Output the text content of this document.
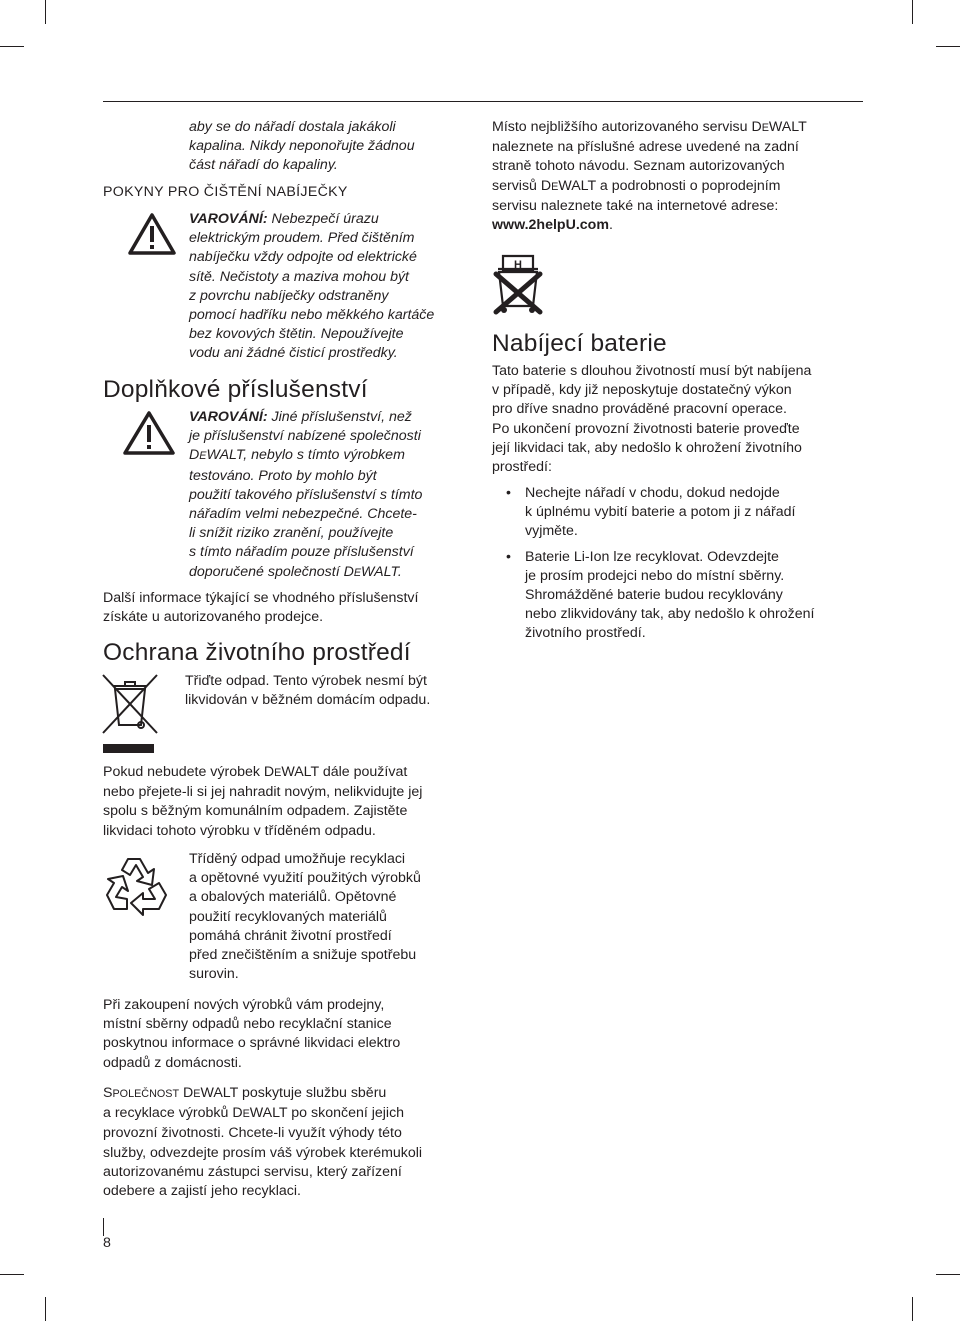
aby se do nářadí dostala jakákoli
kapalina. Nikdy neponořujte žádnou
část nářadí do kapaliny.
POKYNY PRO ČIŠTĚNÍ NABÍJEČKY
VAROVÁNÍ: Nebezpečí úrazu
elektrickým proudem. Před čištěním
nabíječku vždy odpojte od elektrické
sítě. Nečistoty a maziva mohou být
z povrchu nabíječky odstraněny
pomocí hadříku nebo měkkého kartáče
bez kovových štětin. Nepoužívejte
vodu ani žádné čisticí prostředky.
Doplňkové příslušenství
VAROVÁNÍ: Jiné příslušenství, než
je příslušenství nabízené společnosti
DEWALT, nebylo s tímto výrobkem
testováno. Proto by mohlo být
použití takového příslušenství s tímto
nářadím velmi nebezpečné. Chcete-
li snížit riziko zranění, používejte
s tímto nářadím pouze příslušenství
doporučené společností DEWALT.
Další informace týkající se vhodného příslušenství
získáte u autorizovaného prodejce.
Ochrana životního prostředí
Třiďte odpad. Tento výrobek nesmí být
likvidován v běžném domácím odpadu.
Pokud nebudete výrobek DEWALT dále používat
nebo přejete-li si jej nahradit novým, nelikvidujte jej
spolu s běžným komunálním odpadem. Zajistěte
likvidaci tohoto výrobku v tříděném odpadu.
Tříděný odpad umožňuje recyklaci
a opětovné využití použitých výrobků
a obalových materiálů. Opětovné
použití recyklovaných materiálů
pomáhá chránit životní prostředí
před znečištěním a snižuje spotřebu
surovin.
Při zakoupení nových výrobků vám prodejny,
místní sběrny odpadů nebo recyklační stanice
poskytnou informace o správné likvidaci elektro
odpadů z domácnosti.
SPOLEČNOST DEWALT poskytuje službu sběru
a recyklace výrobků DEWALT po skončení jejich
provozní životnosti. Chcete-li využít výhody této
služby, odvezdejte prosím váš výrobek kterémukoli
autorizovanému zástupci servisu, který zařízení
odebere a zajistí jeho recyklaci.
Místo nejbližšího autorizovaného servisu DEWALT
naleznete na příslušné adrese uvedené na zadní
straně tohoto návodu. Seznam autorizovaných
servisů DEWALT a podrobnosti o poprodejním
servisu naleznete také na internetové adrese:
www.2helpU.com.
H
Nabíjecí baterie
Tato baterie s dlouhou životností musí být nabíjena
v případě, kdy již neposkytuje dostatečný výkon
pro dříve snadno prováděné pracovní operace.
Po ukončení provozní životnosti baterie proveďte
její likvidaci tak, aby nedošlo k ohrožení životního
prostředí:
• Nechejte nářadí v chodu, dokud nedojde
k úplnému vybití baterie a potom ji z nářadí
vyjměte.
• Baterie Li-Ion lze recyklovat. Odevzdejte
je prosím prodejci nebo do místní sběrny.
Shromážděné baterie budou recyklovány
nebo zlikvidovány tak, aby nedošlo k ohrožení
životního prostředí.
8
